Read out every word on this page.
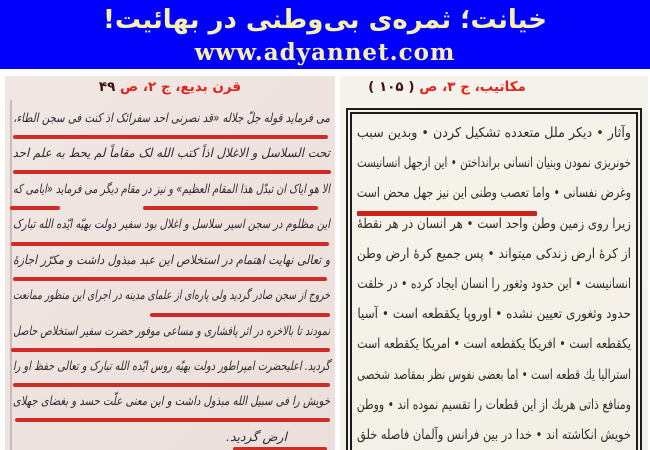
خيانت؛ ثمره‌ی بی‌وطنی در بهائيت!
www.adyannet.com
قرن بديع، ج ۲، ص ۴۹
می فرمايد قوله جلّ جلاله «قد نصرنی احد سفرائک اذ کنت فی سجن الطاء،
تحت السلاسل و الاغلال اذاً کتب الله لک مقاماً لم يحط به علم احد
الا هو اياک ان تبدّل هذا المقام العظيم» و نيز در مقام ديگر می فرمايد «ايامی که
اين مظلوم در سجن اسير سلاسل و اغلال بود سفير دولت بهيّه ايّده الله تبارک
و تعالی نهايت اهتمام در استخلاص اين عبد مبذول داشت و مکرّر اجازهٔ
خروج از سجن صادر گرديد ولی پاره‌ای از علمای مدينه در اجرای اين منظور ممانعت
نمودند تا بالاخره در اثر پافشاری و مساعی موفور حضرت سفير استخلاص حاصل
گرديد. اعليحضرت امپراطور دولت بهيّه روس ايّده الله تبارک و تعالی حفظ او را
خويش را فی سبيل الله مبذول داشت و اين معنی علّت حسد و بغضای جهلای
ارض گرديد.
مكاتيب، ج ۳، ص ( ۱۰۵ )
وآثار • ديكر ملل متعدده تشكيل كردن • وبدين سبب
خونريزى نمودن وبنيان انسانى برانداختن • اين ازجهل انسانيست
وغرض نفسانى • واما تعصب وطنى اين نيز جهل محض است
زيرا روى زمين وطن واحد است • هر انسان در هر نقطهٔ
از كرهٔ ارض زندكى ميتواند • پس جميع كرهٔ ارض وطن
انسانيست • اين حدود وثغور را انسان ايجاد كرده • در خلقت
حدود وثغورى تعيين نشده • اوروپا يكقطعه است • آسيا
يكقطعه است • افريكا يكقطعه است • امريكا يكقطعه است
استراليا يك قطعه است • اما بعضى نفوس نظر بمقاصد شخصى
ومنافع ذاتى هريك از اين قطعات را تقسيم نموده اند • ووطن
خويش انكاشته اند • خدا در بين فرانس وآلمان فاصله خلق
